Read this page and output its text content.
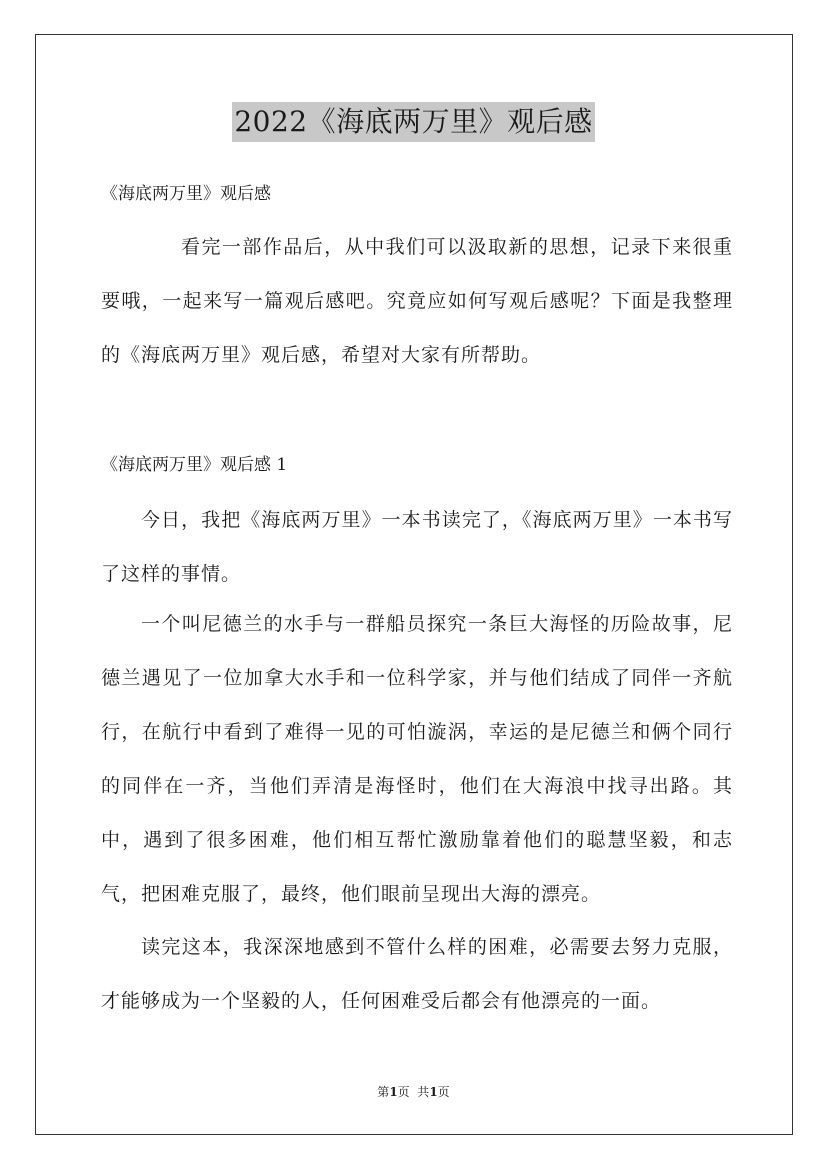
2022《海底两万里》观后感

《海底两万里》观后感

看完一部作品后，从中我们可以汲取新的思想，记录下来很重要哦，一起来写一篇观后感吧。究竟应如何写观后感呢？下面是我整理的《海底两万里》观后感，希望对大家有所帮助。

《海底两万里》观后感 1

今日，我把《海底两万里》一本书读完了，《海底两万里》一本书写了这样的事情。

一个叫尼德兰的水手与一群船员探究一条巨大海怪的历险故事，尼德兰遇见了一位加拿大水手和一位科学家，并与他们结成了同伴一齐航行，在航行中看到了难得一见的可怕漩涡，幸运的是尼德兰和俩个同行的同伴在一齐，当他们弄清是海怪时，他们在大海浪中找寻出路。其中，遇到了很多困难，他们相互帮忙激励靠着他们的聪慧坚毅，和志气，把困难克服了，最终，他们眼前呈现出大海的漂亮。

读完这本，我深深地感到不管什么样的困难，必需要去努力克服，才能够成为一个坚毅的人，任何困难受后都会有他漂亮的一面。

第1页  共1页
